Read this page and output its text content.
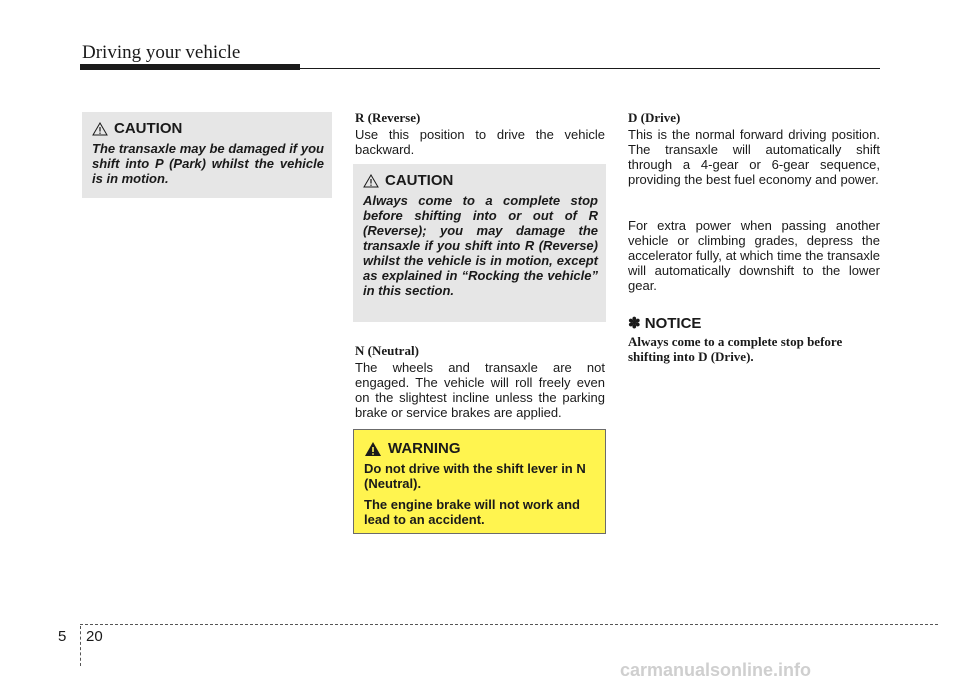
Driving your vehicle
CAUTION

The transaxle may be damaged if you shift into P (Park) whilst the vehicle is in motion.

R (Reverse)

Use this position to drive the vehicle backward.

CAUTION

Always come to a complete stop before shifting into or out of R (Reverse); you may damage the transaxle if you shift into R (Reverse) whilst the vehicle is in motion, except as explained in “Rocking the vehicle” in this section.

N (Neutral)

The wheels and transaxle are not engaged. The vehicle will roll freely even on the slightest incline unless the parking brake or service brakes are applied.

WARNING

Do not drive with the shift lever in N (Neutral).

The engine brake will not work and lead to an accident.

D (Drive)

This is the normal forward driving position. The transaxle will automatically shift through a 4-gear or 6-gear sequence, providing the best fuel economy and power.

For extra power when passing another vehicle or climbing grades, depress the accelerator fully, at which time the transaxle will automatically downshift to the lower gear.

✽ NOTICE

Always come to a complete stop before shifting into D (Drive).

5 20
carmanualsonline.info
